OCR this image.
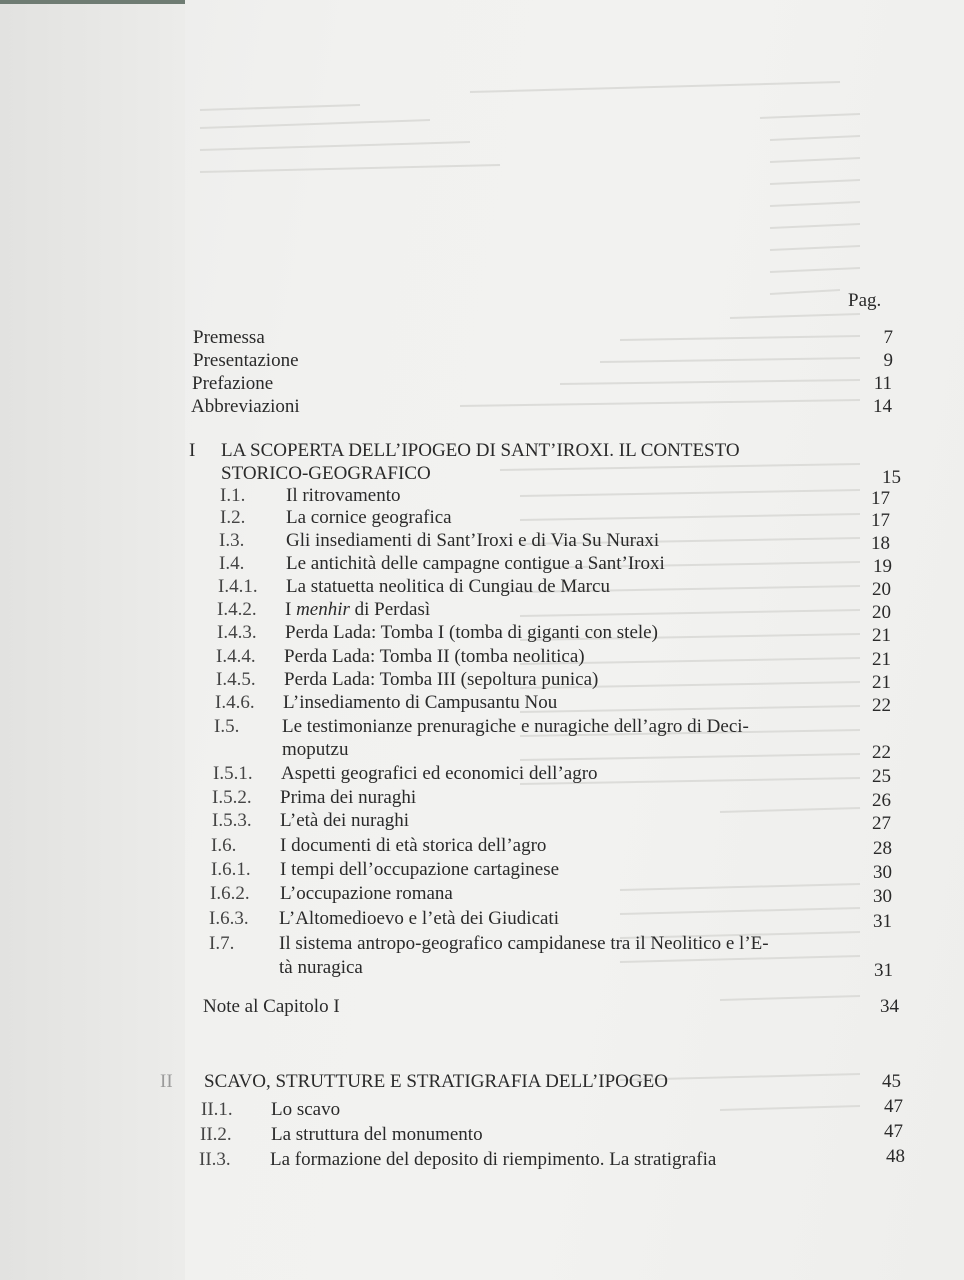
Pag.
Premessa	7
Presentazione	9
Prefazione	11
Abbreviazioni	14
I LA SCOPERTA DELL’IPOGEO DI SANT’IROXI. IL CONTESTO
STORICO-GEOGRAFICO	15
I.1. Il ritrovamento	17
I.2. La cornice geografica	17
I.3. Gli insediamenti di Sant’Iroxi e di Via Su Nuraxi	18
I.4. Le antichità delle campagne contigue a Sant’Iroxi	19
I.4.1. La statuetta neolitica di Cungiau de Marcu	20
I.4.2. I menhir di Perdasì	20
I.4.3. Perda Lada: Tomba I (tomba di giganti con stele)	21
I.4.4. Perda Lada: Tomba II (tomba neolitica)	21
I.4.5. Perda Lada: Tomba III (sepoltura punica)	21
I.4.6. L’insediamento di Campusantu Nou	22
I.5. Le testimonianze prenuragiche e nuragiche dell’agro di Deci-
moputzu	22
I.5.1. Aspetti geografici ed economici dell’agro	25
I.5.2. Prima dei nuraghi	26
I.5.3. L’età dei nuraghi	27
I.6. I documenti di età storica dell’agro	28
I.6.1. I tempi dell’occupazione cartaginese	30
I.6.2. L’occupazione romana	30
I.6.3. L’Altomedioevo e l’età dei Giudicati	31
I.7. Il sistema antropo-geografico campidanese tra il Neolitico e l’E-
tà nuragica	31
Note al Capitolo I	34
II SCAVO, STRUTTURE E STRATIGRAFIA DELL’IPOGEO	45
II.1. Lo scavo	47
II.2. La struttura del monumento	47
II.3. La formazione del deposito di riempimento. La stratigrafia	48
